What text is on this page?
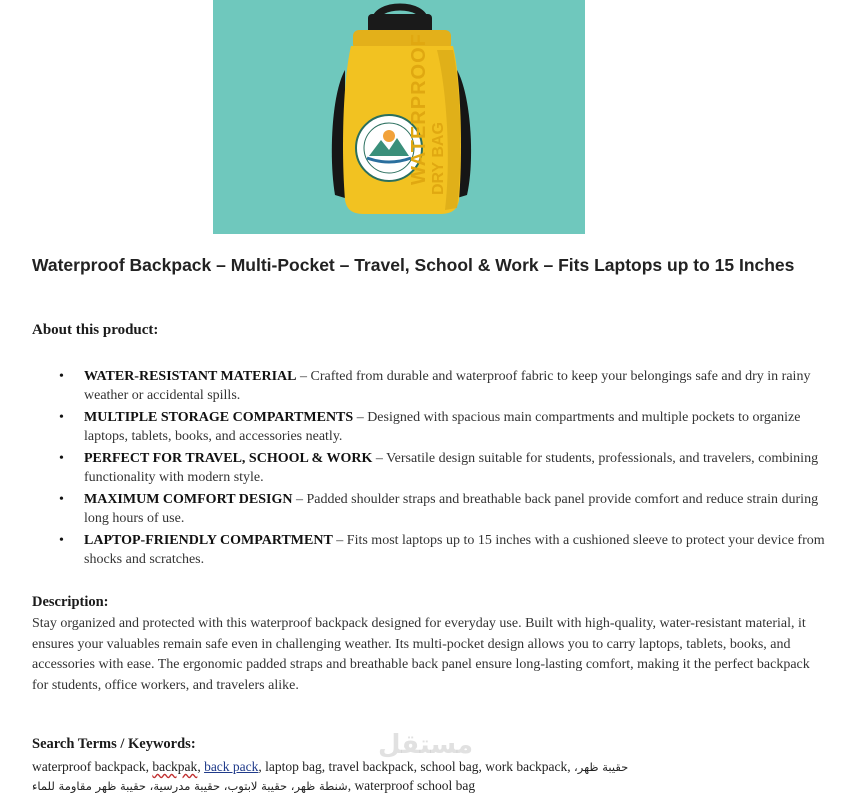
WATERPROOF DRY BAG
Waterproof Backpack – Multi-Pocket – Travel, School & Work – Fits Laptops up to 15 Inches
About this product:
• WATER-RESISTANT MATERIAL – Crafted from durable and waterproof fabric to keep your belongings safe and dry in rainy weather or accidental spills.
• MULTIPLE STORAGE COMPARTMENTS – Designed with spacious main compartments and multiple pockets to organize laptops, tablets, books, and accessories neatly.
• PERFECT FOR TRAVEL, SCHOOL & WORK – Versatile design suitable for students, professionals, and travelers, combining functionality with modern style.
• MAXIMUM COMFORT DESIGN – Padded shoulder straps and breathable back panel provide comfort and reduce strain during long hours of use.
• LAPTOP-FRIENDLY COMPARTMENT – Fits most laptops up to 15 inches with a cushioned sleeve to protect your device from shocks and scratches.
Description:

Stay organized and protected with this waterproof backpack designed for everyday use. Built with high-quality, water-resistant material, it ensures your valuables remain safe even in challenging weather. Its multi-pocket design allows you to carry laptops, tablets, books, and accessories with ease. The ergonomic padded straps and breathable back panel ensure long-lasting comfort, making it the perfect backpack for students, office workers, and travelers alike.

Search Terms / Keywords:

waterproof backpack, backpak, back pack, laptop bag, travel backpack, school bag, work backpack, حقيبة ظهر،

شنطة ظهر، حقيبة لابتوب، حقيبة مدرسية، حقيبة ظهر مقاومة للماء, waterproof school bag

مستقل
